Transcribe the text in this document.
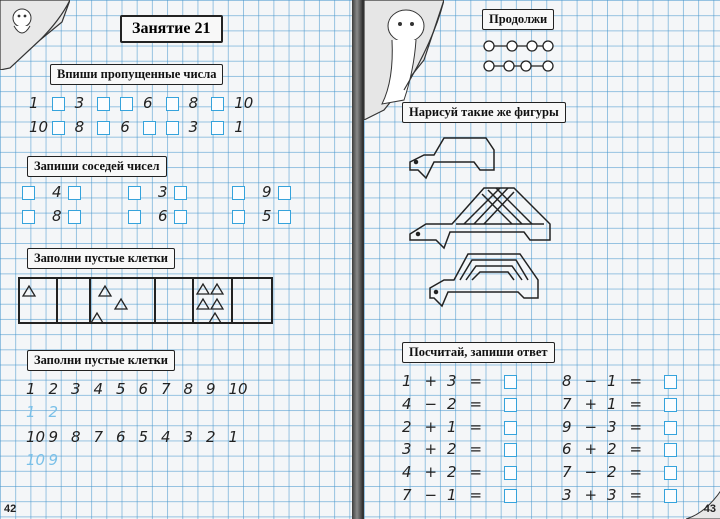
Занятие 21
Впиши пропущенные числа
Запиши соседей чисел
Заполни пустые клетки
Заполни пустые клетки
42
1 3	6 8 10
10 8 6	3 1
4
8
3
6
9
5
1 2 3 4 5 6 7 8 9 10
1 2
10 9 8 7 6 5 4 3 2 1
10 9
Продолжи
Нарисуй такие же фигуры
Посчитай, запиши ответ
43
1 + 3 =
4 − 2 =
2 + 1 =
3 + 2 =
4 + 2 =
7 − 1 =
8 − 1 =
7 + 1 =
9 − 3 =
6 + 2 =
7 − 2 =
3 + 3 =
